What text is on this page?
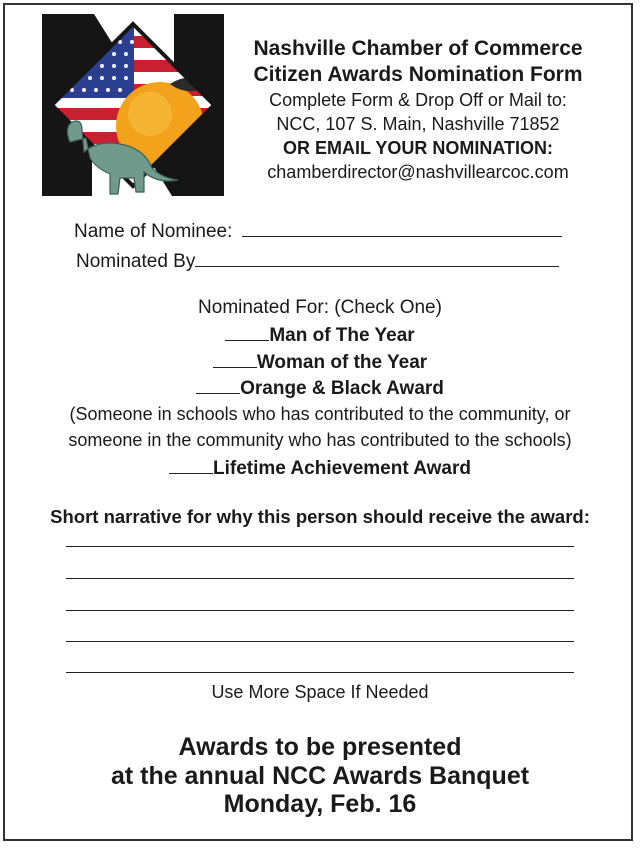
Nashville Chamber of Commerce
Citizen Awards Nomination Form
Complete Form & Drop Off or Mail to:
NCC, 107 S. Main, Nashville 71852
OR EMAIL YOUR NOMINATION:
chamberdirector@nashvillearcoc.com
Name of Nominee:
Nominated By
Nominated For: (Check One)
Man of The Year
Woman of the Year
Orange & Black Award
(Someone in schools who has contributed to the community, or
someone in the community who has contributed to the schools)
Lifetime Achievement Award
Short narrative for why this person should receive the award:
Use More Space If Needed
Awards to be presented
at the annual NCC Awards Banquet
Monday, Feb. 16
